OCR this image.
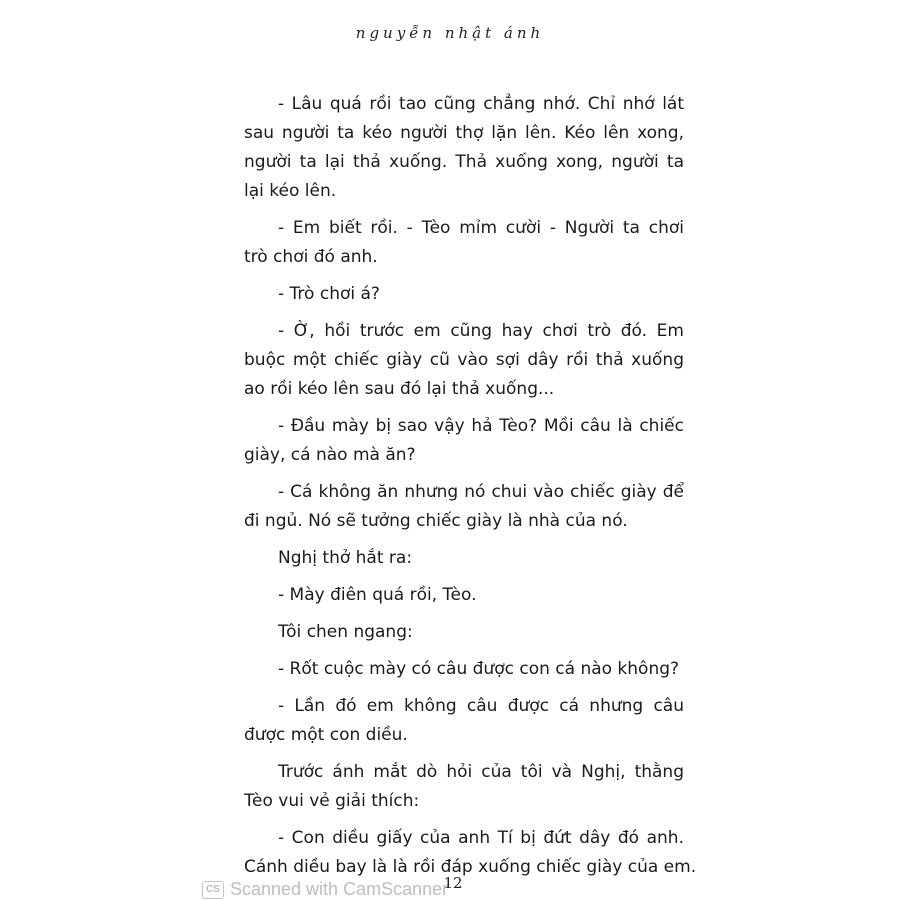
nguyễn nhật ánh

- Lâu quá rồi tao cũng chẳng nhớ. Chỉ nhớ lát
sau người ta kéo người thợ lặn lên. Kéo lên xong,
người ta lại thả xuống. Thả xuống xong, người ta
lại kéo lên.

- Em biết rồi. - Tèo mỉm cười - Người ta chơi
trò chơi đó anh.

- Trò chơi á?

- Ờ, hồi trước em cũng hay chơi trò đó. Em
buộc một chiếc giày cũ vào sợi dây rồi thả xuống
ao rồi kéo lên sau đó lại thả xuống...

- Đầu mày bị sao vậy hả Tèo? Mồi câu là chiếc
giày, cá nào mà ăn?

- Cá không ăn nhưng nó chui vào chiếc giày để
đi ngủ. Nó sẽ tưởng chiếc giày là nhà của nó.

Nghị thở hắt ra:

- Mày điên quá rồi, Tèo.

Tôi chen ngang:

- Rốt cuộc mày có câu được con cá nào không?

- Lần đó em không câu được cá nhưng câu
được một con diều.

Trước ánh mắt dò hỏi của tôi và Nghị, thằng
Tèo vui vẻ giải thích:

- Con diều giấy của anh Tí bị đứt dây đó anh.
Cánh diều bay là là rồi đáp xuống chiếc giày của em.

CS Scanned with CamScanner
12
